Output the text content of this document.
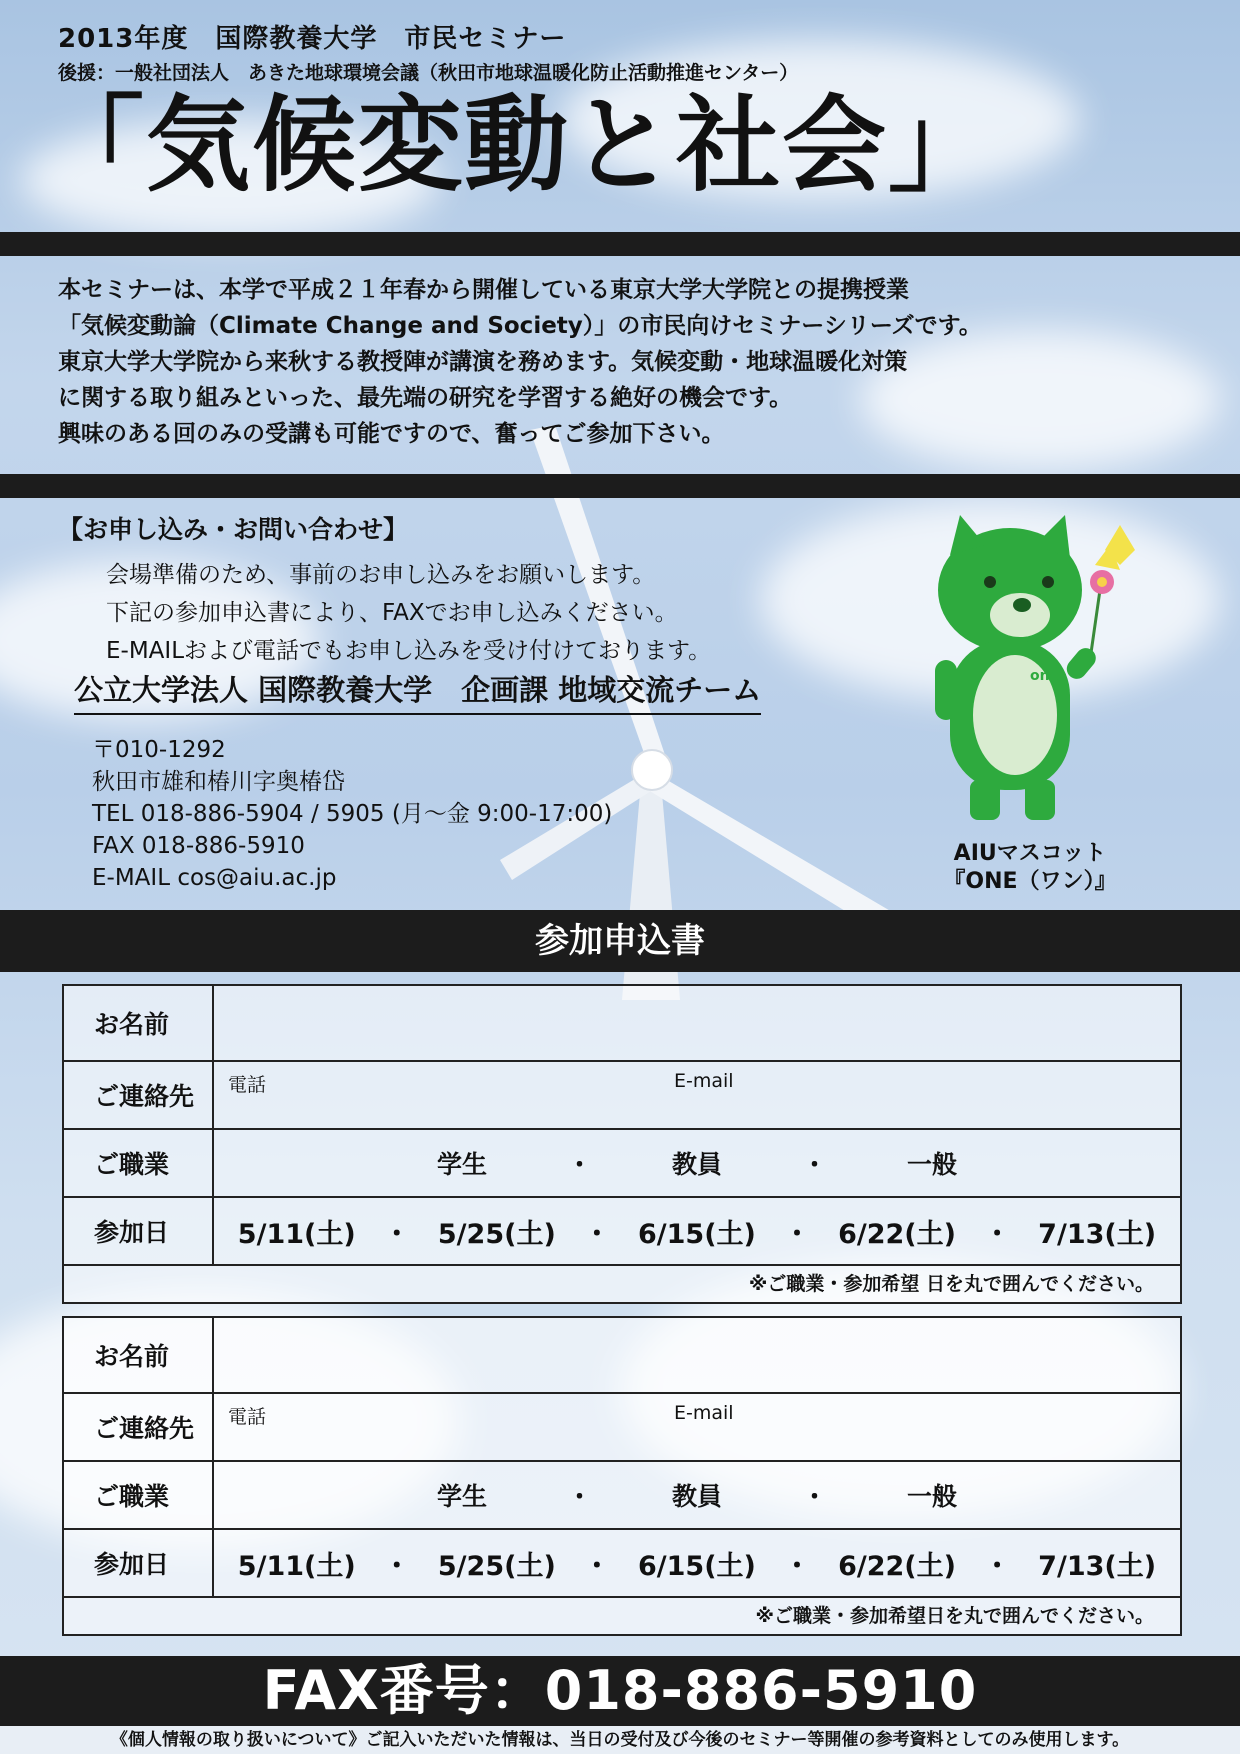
2013年度　国際教養大学　市民セミナー
後援：一般社団法人　あきた地球環境会議（秋田市地球温暖化防止活動推進センター）
「気候変動と社会」
本セミナーは、本学で平成２１年春から開催している東京大学大学院との提携授業
「気候変動論（Climate Change and Society）」の市民向けセミナーシリーズです。
東京大学大学院から来秋する教授陣が講演を務めます。気候変動・地球温暖化対策
に関する取り組みといった、最先端の研究を学習する絶好の機会です。
興味のある回のみの受講も可能ですので、奮ってご参加下さい。
【お申し込み・お問い合わせ】
会場準備のため、事前のお申し込みをお願いします。
下記の参加申込書により、FAXでお申し込みください。
E-MAILおよび電話でもお申し込みを受け付けております。
公立大学法人 国際教養大学　企画課 地域交流チーム
〒010-1292
秋田市雄和椿川字奥椿岱
TEL 018-886-5904 / 5905 (月～金 9:00-17:00)
FAX 018-886-5910
E-MAIL cos@aiu.ac.jp
one
AIUマスコット
『ONE（ワン）』
参加申込書
お名前
ご連絡先	電話	E-mail
ご職業	学生	・	教員	・	一般
参加日	5/11(土) ・ 5/25(土) ・ 6/15(土) ・ 6/22(土) ・ 7/13(土)
※ご職業・参加希望 日を丸で囲んでください。
お名前
ご連絡先	電話	E-mail
ご職業	学生	・	教員	・	一般
参加日	5/11(土) ・ 5/25(土) ・ 6/15(土) ・ 6/22(土) ・ 7/13(土)
※ご職業・参加希望日を丸で囲んでください。
FAX番号：018-886-5910
《個人情報の取り扱いについて》ご記入いただいた情報は、当日の受付及び今後のセミナー等開催の参考資料としてのみ使用します。
